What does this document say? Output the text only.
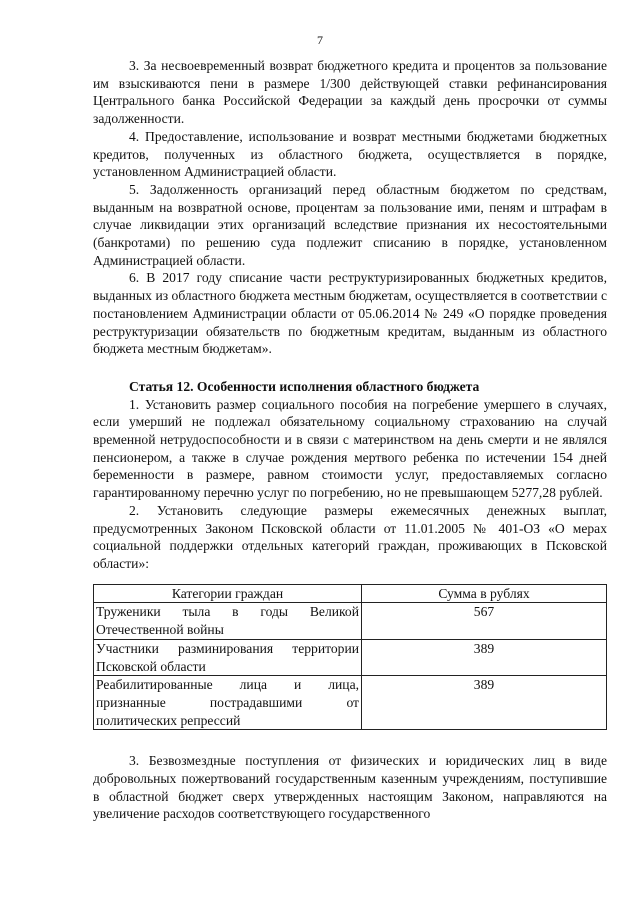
7

3. За несвоевременный возврат бюджетного кредита и процентов за пользование им взыскиваются пени в размере 1/300 действующей ставки рефинансирования Центрального банка Российской Федерации за каждый день просрочки от суммы задолженности.

4. Предоставление, использование и возврат местными бюджетами бюджетных кредитов, полученных из областного бюджета, осуществляется в порядке, установленном Администрацией области.

5. Задолженность организаций перед областным бюджетом по средствам, выданным на возвратной основе, процентам за пользование ими, пеням и штрафам в случае ликвидации этих организаций вследствие признания их несостоятельными (банкротами) по решению суда подлежит списанию в порядке, установленном Администрацией области.

6. В 2017 году списание части реструктуризированных бюджетных кредитов, выданных из областного бюджета местным бюджетам, осуществляется в соответствии с постановлением Администрации области от 05.06.2014 № 249 «О порядке проведения реструктуризации обязательств по бюджетным кредитам, выданным из областного бюджета местным бюджетам».

Статья 12. Особенности исполнения областного бюджета

1. Установить размер социального пособия на погребение умершего в случаях, если умерший не подлежал обязательному социальному страхованию на случай временной нетрудоспособности и в связи с материнством на день смерти и не являлся пенсионером, а также в случае рождения мертвого ребенка по истечении 154 дней беременности в размере, равном стоимости услуг, предоставляемых согласно гарантированному перечню услуг по погребению, но не превышающем 5277,28 рублей.

2. Установить следующие размеры ежемесячных денежных выплат, предусмотренных Законом Псковской области от 11.01.2005 № 401-ОЗ «О мерах социальной поддержки отдельных категорий граждан, проживающих в Псковской области»:

Категории граждан	Сумма в рублях
Труженики тыла в годы Великой Отечественной войны	567
Участники разминирования территории Псковской области	389
Реабилитированные лица и лица, признанные пострадавшими от политических репрессий	389

3. Безвозмездные поступления от физических и юридических лиц в виде добровольных пожертвований государственным казенным учреждениям, поступившие в областной бюджет сверх утвержденных настоящим Законом, направляются на увеличение расходов соответствующего государственного
